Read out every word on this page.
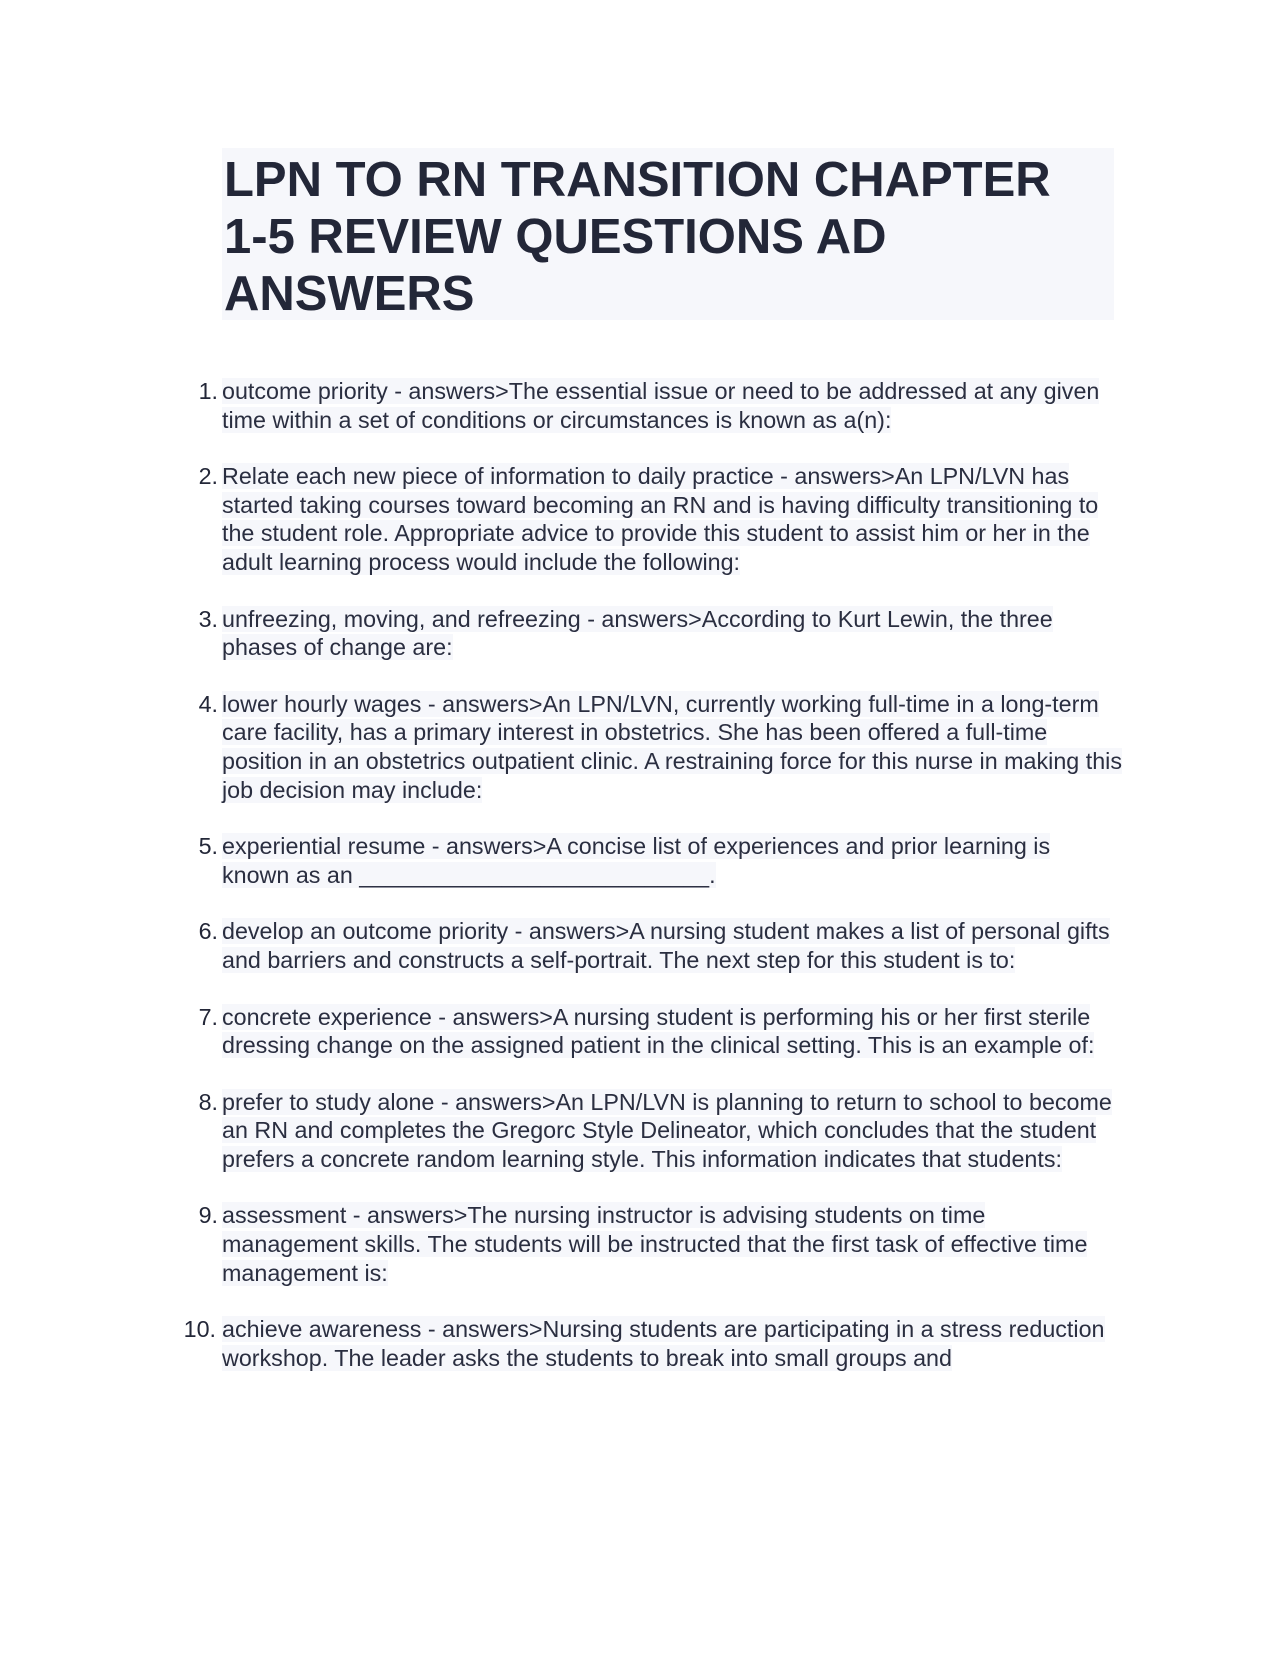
LPN TO RN TRANSITION CHAPTER
1-5 REVIEW QUESTIONS AD
ANSWERS
1. outcome priority - answers>The essential issue or need to be addressed at any given time within a set of conditions or circumstances is known as a(n):
2. Relate each new piece of information to daily practice - answers>An LPN/LVN has started taking courses toward becoming an RN and is having difficulty transitioning to the student role. Appropriate advice to provide this student to assist him or her in the adult learning process would include the following:
3. unfreezing, moving, and refreezing - answers>According to Kurt Lewin, the three phases of change are:
4. lower hourly wages - answers>An LPN/LVN, currently working full-time in a long-term care facility, has a primary interest in obstetrics. She has been offered a full-time position in an obstetrics outpatient clinic. A restraining force for this nurse in making this job decision may include:
5. experiential resume - answers>A concise list of experiences and prior learning is known as an ___________________________.
6. develop an outcome priority - answers>A nursing student makes a list of personal gifts and barriers and constructs a self-portrait. The next step for this student is to:
7. concrete experience - answers>A nursing student is performing his or her first sterile dressing change on the assigned patient in the clinical setting. This is an example of:
8. prefer to study alone - answers>An LPN/LVN is planning to return to school to become an RN and completes the Gregorc Style Delineator, which concludes that the student prefers a concrete random learning style. This information indicates that students:
9. assessment - answers>The nursing instructor is advising students on time management skills. The students will be instructed that the first task of effective time management is:
10. achieve awareness - answers>Nursing students are participating in a stress reduction workshop. The leader asks the students to break into small groups and
